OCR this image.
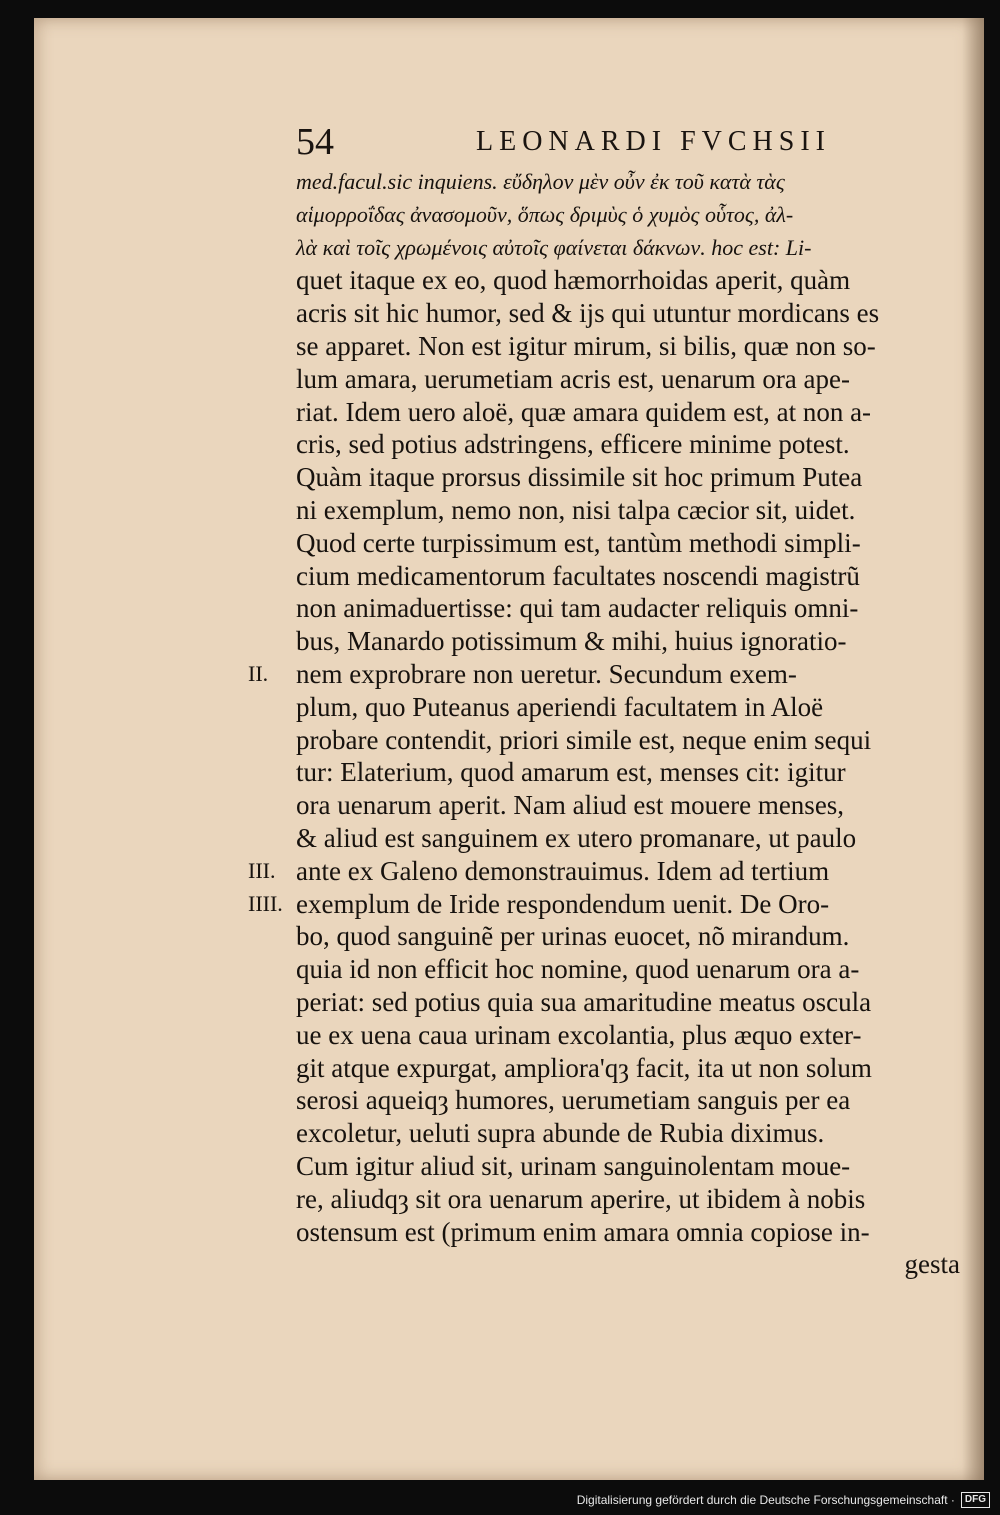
54	LEONARDI FVCHSII
med.facul.sic inquiens. εὔδηλον μὲν οὖν ἐκ τοῦ κατὰ τὰς
αἱμορροΐδας ἀνασομοῦν, ὅπως δριμὺς ὁ χυμὸς οὗτος, ἀλ-
λὰ καὶ τοῖς χρωμένοις αὐτοῖς φαίνεται δάκνων. hoc est: Li-
quet itaque ex eo, quod hæmorrhoidas aperit, quàm
acris sit hic humor, sed & ijs qui utuntur mordicans es
se apparet. Non est igitur mirum, si bilis, quæ non so-
lum amara, uerumetiam acris est, uenarum ora ape-
riat. Idem uero aloë, quæ amara quidem est, at non a-
cris, sed potius adstringens, efficere minime potest.
Quàm itaque prorsus dissimile sit hoc primum Putea
ni exemplum, nemo non, nisi talpa cæcior sit, uidet.
Quod certe turpissimum est, tantùm methodi simpli-
cium medicamentorum facultates noscendi magistrũ
non animaduertisse: qui tam audacter reliquis omni-
bus, Manardo potissimum & mihi, huius ignoratio-
II. nem exprobrare non ueretur. Secundum exem-
plum, quo Puteanus aperiendi facultatem in Aloë
probare contendit, priori simile est, neque enim sequi
tur: Elaterium, quod amarum est, menses cit: igitur
ora uenarum aperit. Nam aliud est mouere menses,
& aliud est sanguinem ex utero promanare, ut paulo
III. ante ex Galeno demonstrauimus. Idem ad tertium
IIII. exemplum de Iride respondendum uenit. De Oro-
bo, quod sanguinẽ per urinas euocet, nõ mirandum.
quia id non efficit hoc nomine, quod uenarum ora a-
periat: sed potius quia sua amaritudine meatus oscula
ue ex uena caua urinam excolantia, plus æquo exter-
git atque expurgat, ampliora'qȝ facit, ita ut non solum
serosi aqueiqȝ humores, uerumetiam sanguis per ea
excoletur, ueluti supra abunde de Rubia diximus.
Cum igitur aliud sit, urinam sanguinolentam moue-
re, aliudqȝ sit ora uenarum aperire, ut ibidem à nobis
ostensum est (primum enim amara omnia copiose in-
gesta
Digitalisierung gefördert durch die Deutsche Forschungsgemeinschaft ·	DFG
